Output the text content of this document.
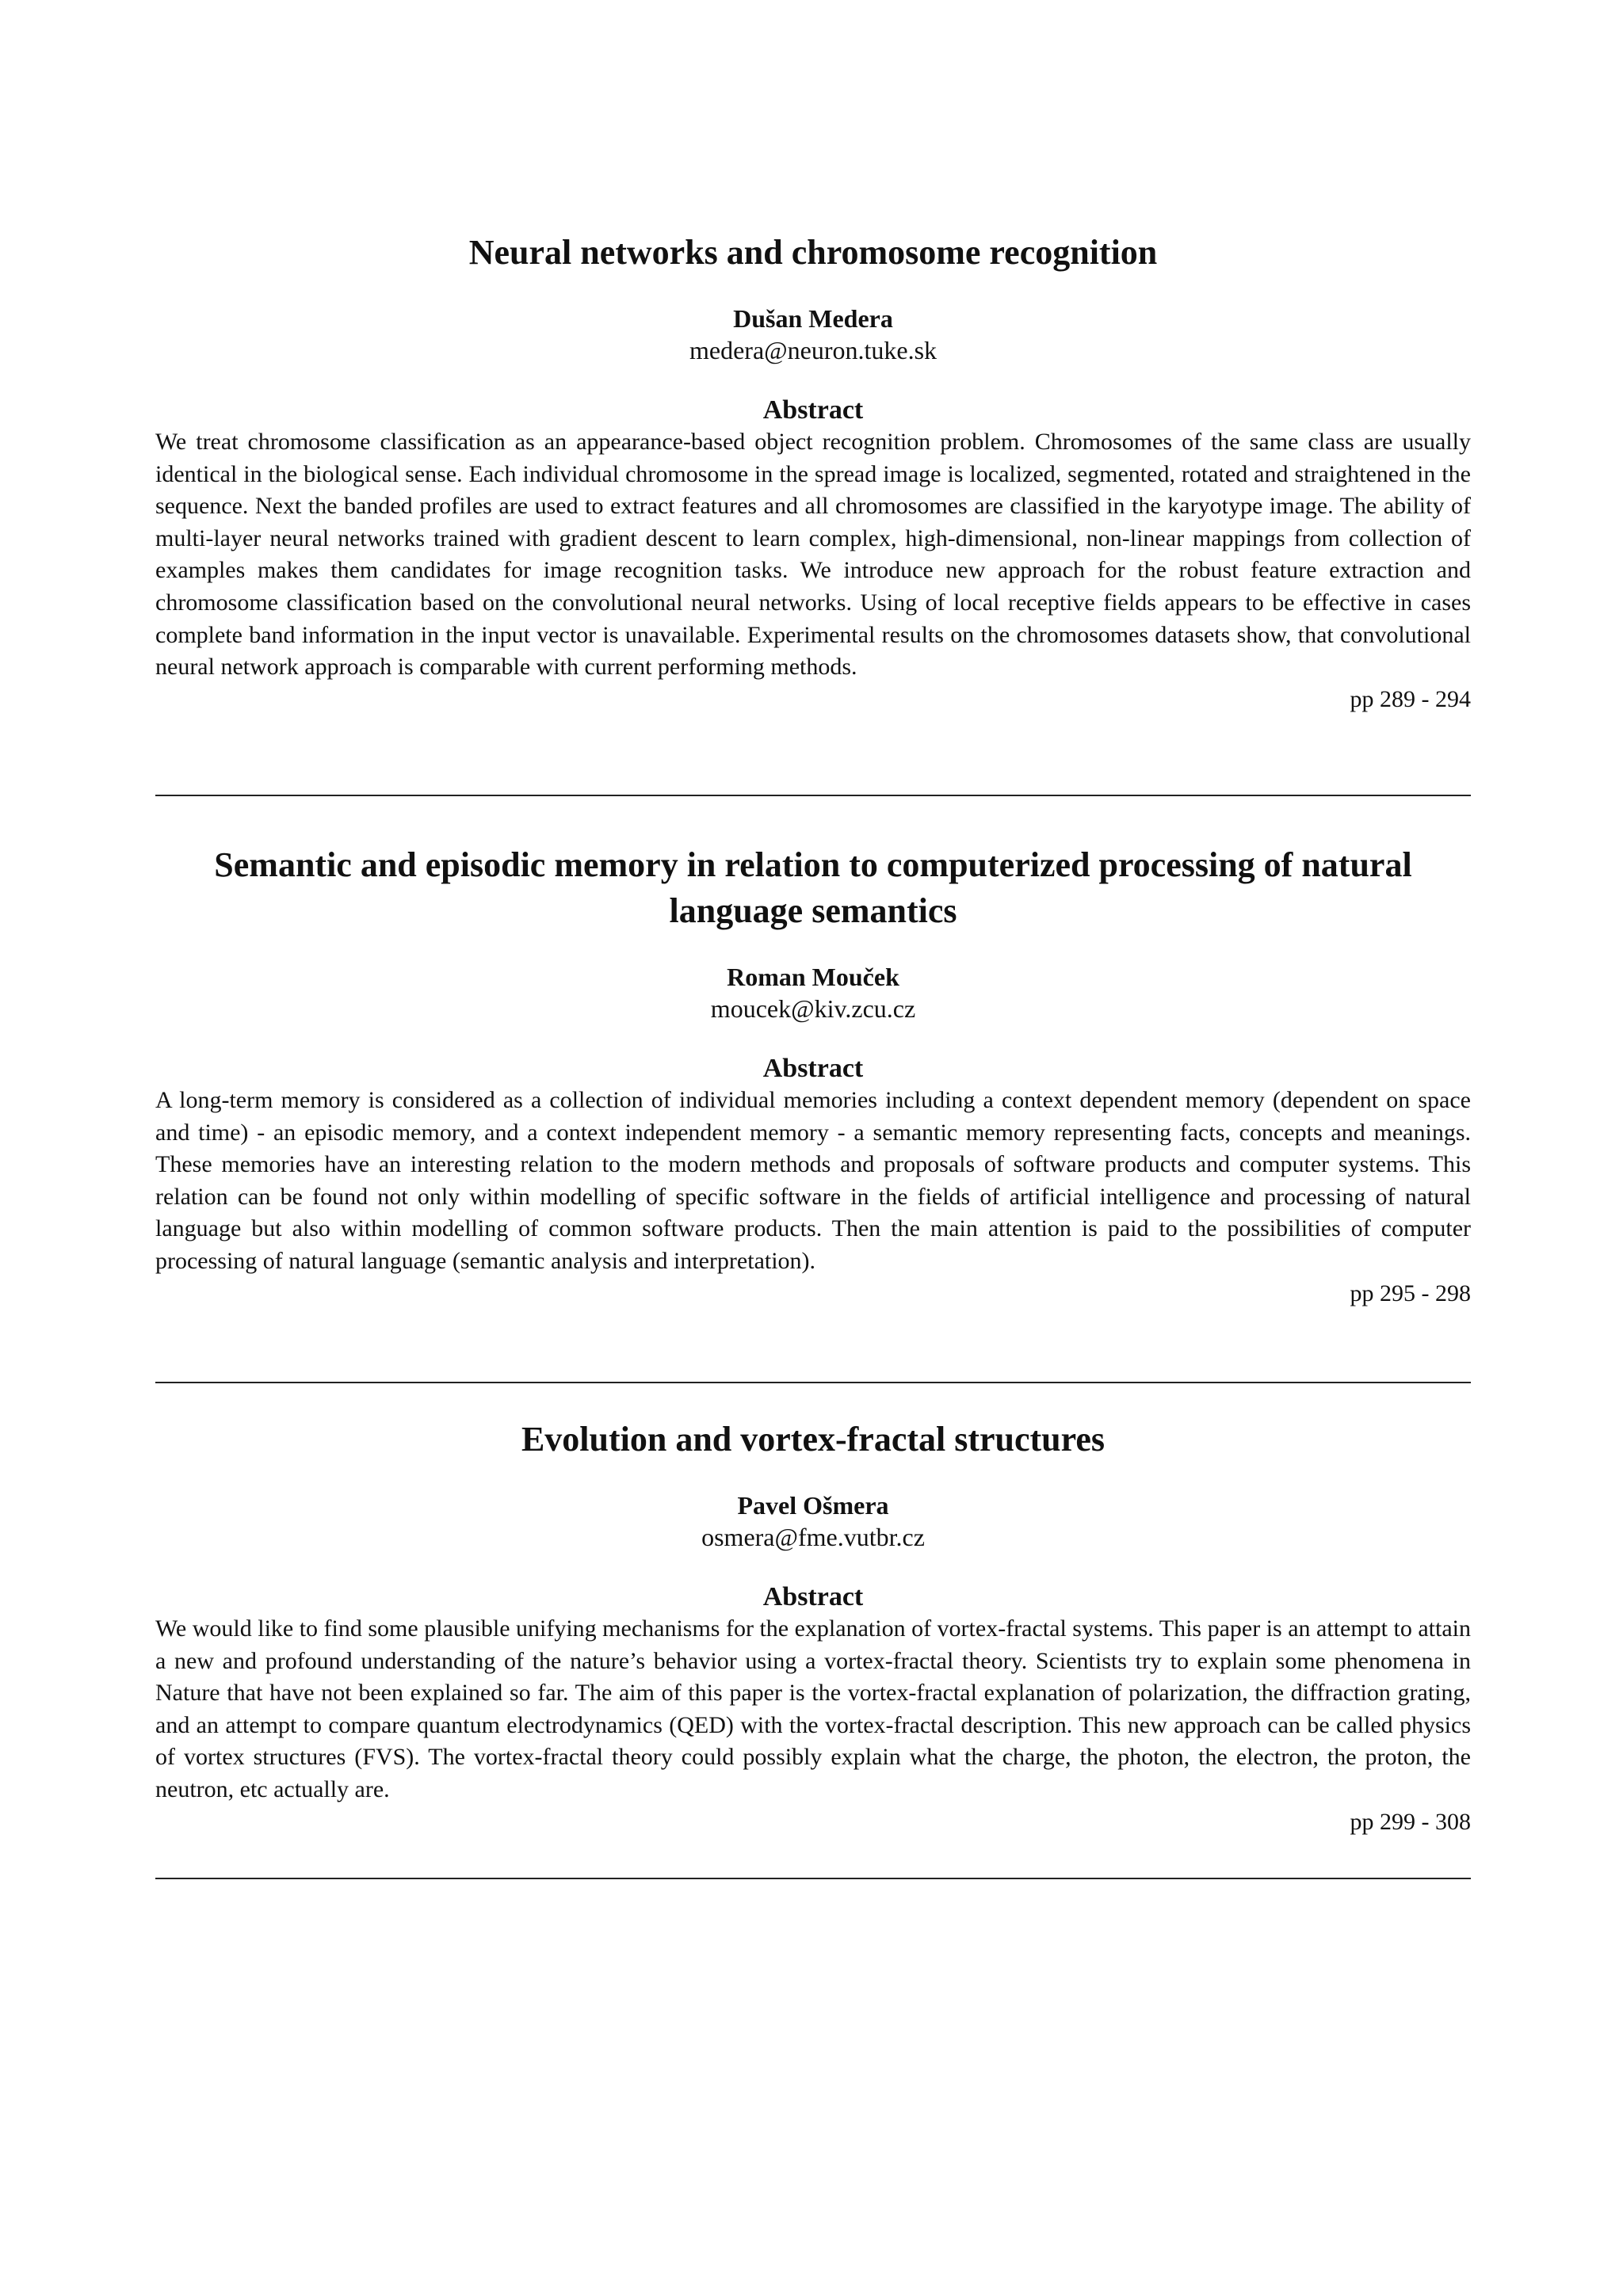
Neural networks and chromosome recognition

Dušan Medera

medera@neuron.tuke.sk

Abstract

We treat chromosome classification as an appearance-based object recognition problem. Chromosomes of the same class are usually identical in the biological sense. Each individual chromosome in the spread image is localized, segmented, rotated and straightened in the sequence. Next the banded profiles are used to extract features and all chromosomes are classified in the karyotype image. The ability of multi-layer neural networks trained with gradient descent to learn complex, high-dimensional, non-linear mappings from collection of examples makes them candidates for image recognition tasks. We introduce new approach for the robust feature extraction and chromosome classification based on the convolutional neural networks. Using of local receptive fields appears to be effective in cases complete band information in the input vector is unavailable. Experimental results on the chromosomes datasets show, that convolutional neural network approach is comparable with current performing methods.

pp 289 - 294

Semantic and episodic memory in relation to computerized processing of natural language semantics

Roman Mouček

moucek@kiv.zcu.cz

Abstract

A long-term memory is considered as a collection of individual memories including a context dependent memory (dependent on space and time) - an episodic memory, and a context independent memory - a semantic memory representing facts, concepts and meanings. These memories have an interesting relation to the modern methods and proposals of software products and computer systems. This relation can be found not only within modelling of specific software in the fields of artificial intelligence and processing of natural language but also within modelling of common software products. Then the main attention is paid to the possibilities of computer processing of natural language (semantic analysis and interpretation).

pp 295 - 298

Evolution and vortex-fractal structures

Pavel Ošmera

osmera@fme.vutbr.cz

Abstract

We would like to find some plausible unifying mechanisms for the explanation of vortex-fractal systems. This paper is an attempt to attain a new and profound understanding of the nature’s behavior using a vortex-fractal theory. Scientists try to explain some phenomena in Nature that have not been explained so far. The aim of this paper is the vortex-fractal explanation of polarization, the diffraction grating, and an attempt to compare quantum electrodynamics (QED) with the vortex-fractal description. This new approach can be called physics of vortex structures (FVS). The vortex-fractal theory could possibly explain what the charge, the photon, the electron, the proton, the neutron, etc actually are.

pp 299 - 308
